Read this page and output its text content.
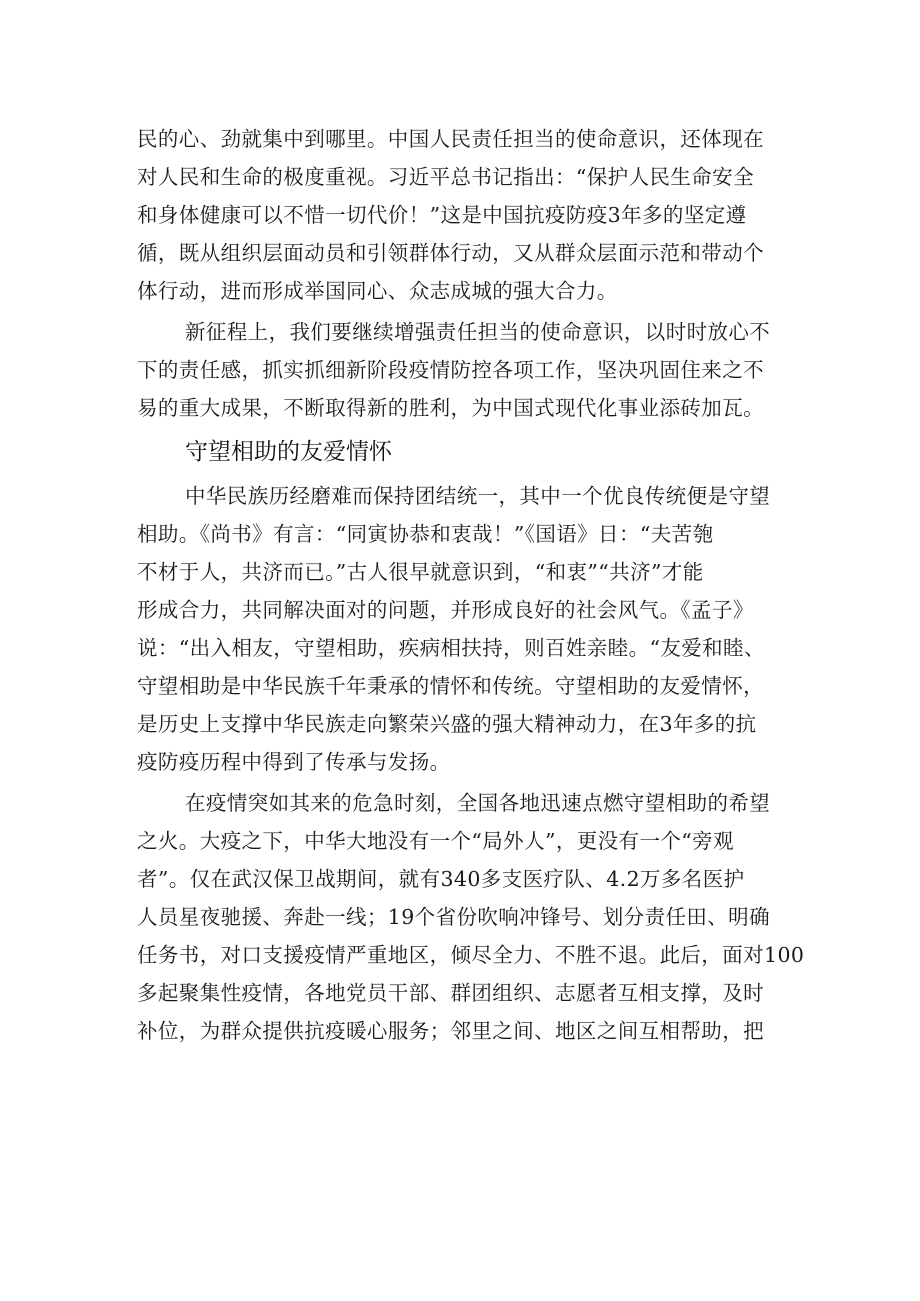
民的心、劲就集中到哪里。中国人民责任担当的使命意识，还体现在
对人民和生命的极度重视。习近平总书记指出：“保护人民生命安全
和身体健康可以不惜一切代价！”这是中国抗疫防疫3年多的坚定遵
循，既从组织层面动员和引领群体行动，又从群众层面示范和带动个
体行动，进而形成举国同心、众志成城的强大合力。
新征程上，我们要继续增强责任担当的使命意识，以时时放心不
下的责任感，抓实抓细新阶段疫情防控各项工作，坚决巩固住来之不
易的重大成果，不断取得新的胜利，为中国式现代化事业添砖加瓦。
守望相助的友爱情怀
中华民族历经磨难而保持团结统一，其中一个优良传统便是守望
相助。《尚书》有言：“同寅协恭和衷哉！”《国语》日：“夫苦匏
不材于人，共济而已。”古人很早就意识到，“和衷”“共济”才能
形成合力，共同解决面对的问题，并形成良好的社会风气。《孟子》
说：“出入相友，守望相助，疾病相扶持，则百姓亲睦。“友爱和睦、
守望相助是中华民族千年秉承的情怀和传统。守望相助的友爱情怀，
是历史上支撑中华民族走向繁荣兴盛的强大精神动力，在3年多的抗
疫防疫历程中得到了传承与发扬。
在疫情突如其来的危急时刻，全国各地迅速点燃守望相助的希望
之火。大疫之下，中华大地没有一个“局外人”，更没有一个“旁观
者”。仅在武汉保卫战期间，就有340多支医疗队、4.2万多名医护
人员星夜驰援、奔赴一线；19个省份吹响冲锋号、划分责任田、明确
任务书，对口支援疫情严重地区，倾尽全力、不胜不退。此后，面对100
多起聚集性疫情，各地党员干部、群团组织、志愿者互相支撑，及时
补位，为群众提供抗疫暖心服务；邻里之间、地区之间互相帮助，把
